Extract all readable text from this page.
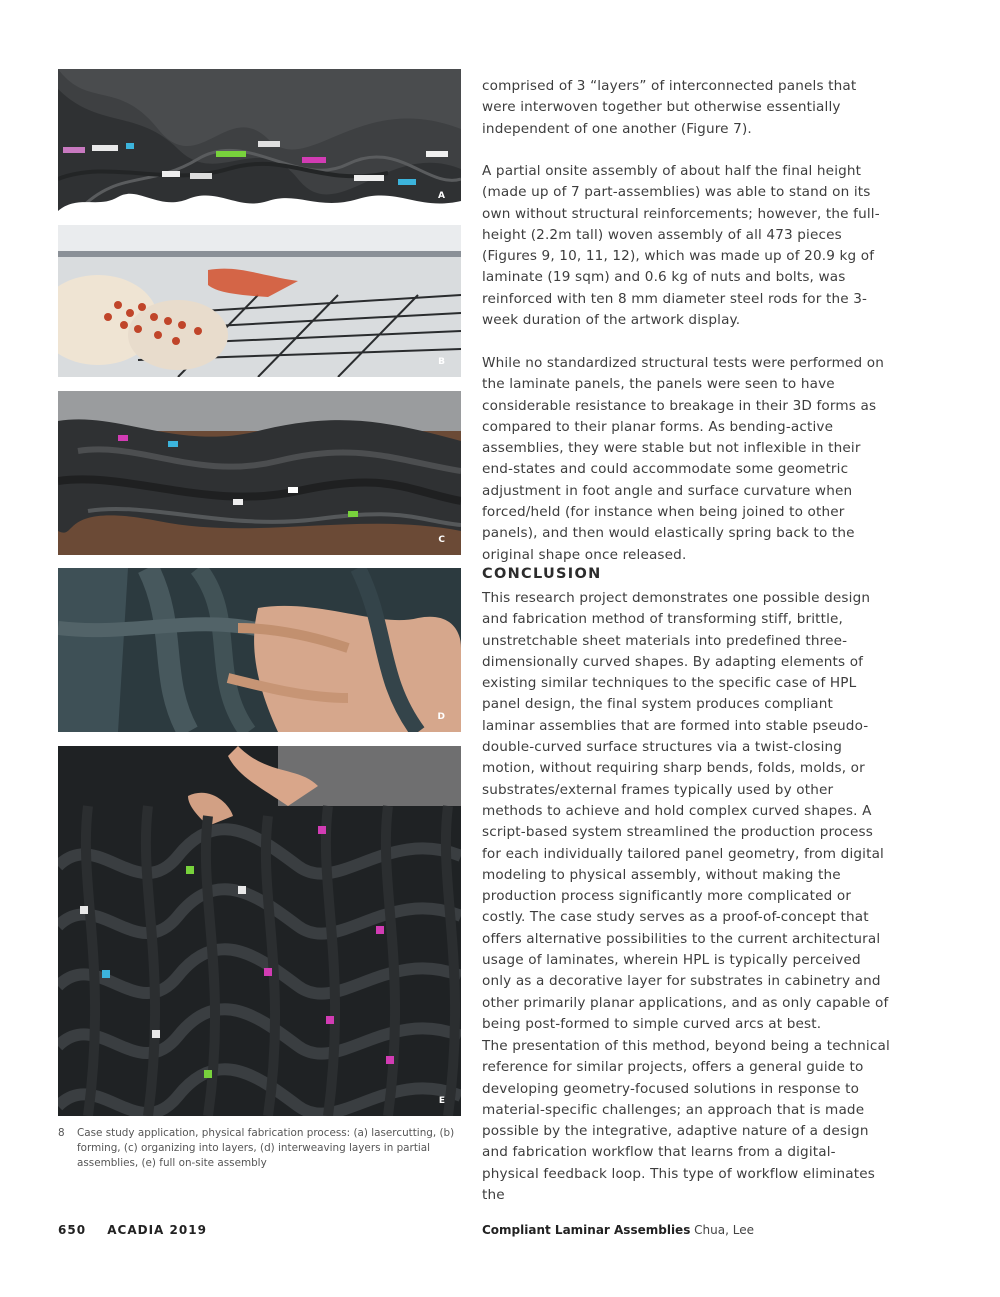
A
B
C
D
E
8 Case study application, physical fabrication process: (a) lasercutting, (b) forming, (c) organizing into layers, (d) interweaving layers in partial assemblies, (e) full on-site assembly

comprised of 3 “layers” of interconnected panels that were interwoven together but otherwise essentially independent of one another (Figure 7).

A partial onsite assembly of about half the final height (made up of 7 part-assemblies) was able to stand on its own without structural reinforcements; however, the full-height (2.2m tall) woven assembly of all 473 pieces (Figures 9, 10, 11, 12), which was made up of 20.9 kg of laminate (19 sqm) and 0.6 kg of nuts and bolts, was reinforced with ten 8 mm diameter steel rods for the 3-week duration of the artwork display.

While no standardized structural tests were performed on the laminate panels, the panels were seen to have considerable resistance to breakage in their 3D forms as compared to their planar forms. As bending-active assemblies, they were stable but not inflexible in their end-states and could accommodate some geometric adjustment in foot angle and surface curvature when forced/held (for instance when being joined to other panels), and then would elastically spring back to the original shape once released.

CONCLUSION

This research project demonstrates one possible design and fabrication method of transforming stiff, brittle, unstretchable sheet materials into predefined three-dimensionally curved shapes. By adapting elements of existing similar techniques to the specific case of HPL panel design, the final system produces compliant laminar assemblies that are formed into stable pseudo-double-curved surface structures via a twist-closing motion, without requiring sharp bends, folds, molds, or substrates/external frames typically used by other methods to achieve and hold complex curved shapes. A script-based system streamlined the production process for each individually tailored panel geometry, from digital modeling to physical assembly, without making the production process significantly more complicated or costly. The case study serves as a proof-of-concept that offers alternative possibilities to the current architectural usage of laminates, wherein HPL is typically perceived only as a decorative layer for substrates in cabinetry and other primarily planar applications, and as only capable of being post-formed to simple curved arcs at best.

The presentation of this method, beyond being a technical reference for similar projects, offers a general guide to developing geometry-focused solutions in response to material-specific challenges; an approach that is made possible by the integrative, adaptive nature of a design and fabrication workflow that learns from a digital-physical feedback loop. This type of workflow eliminates the

650 ACADIA 2019	Compliant Laminar Assemblies Chua, Lee
